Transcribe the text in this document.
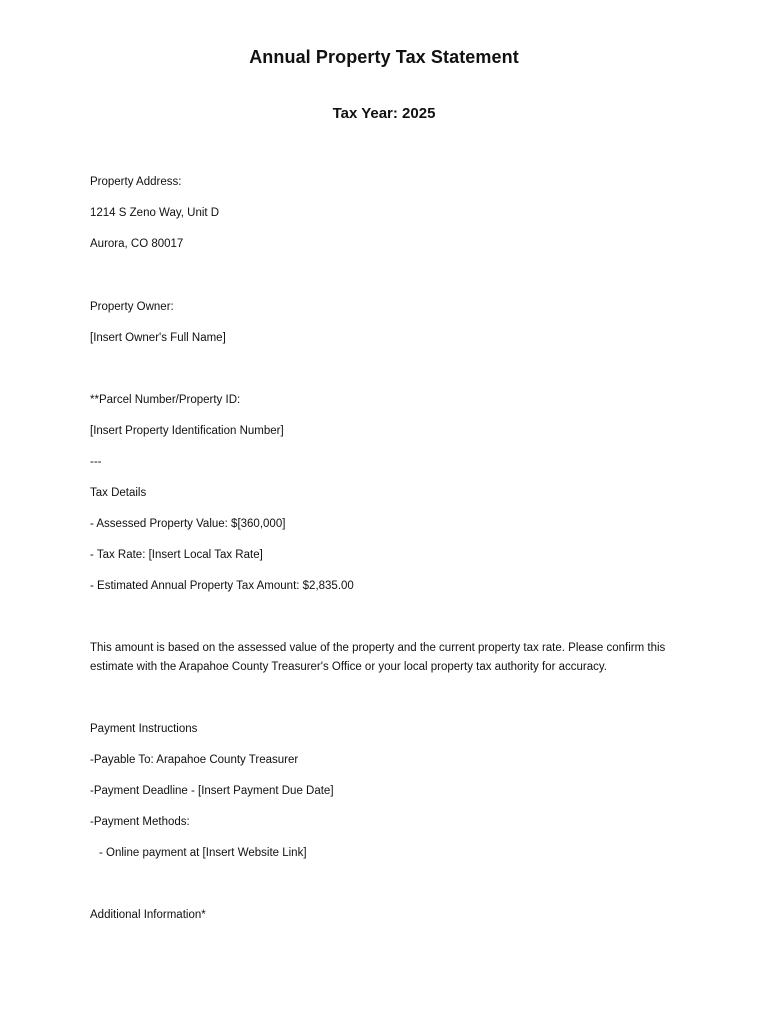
Annual Property Tax Statement
Tax Year: 2025

Property Address:

1214 S Zeno Way, Unit D

Aurora, CO 80017

Property Owner:

[Insert Owner's Full Name]

**Parcel Number/Property ID:

[Insert Property Identification Number]

---

Tax Details

- Assessed Property Value: $[360,000]

- Tax Rate: [Insert Local Tax Rate]

- Estimated Annual Property Tax Amount: $2,835.00

This amount is based on the assessed value of the property and the current property tax rate. Please confirm this estimate with the Arapahoe County Treasurer's Office or your local property tax authority for accuracy.

Payment Instructions

-Payable To: Arapahoe County Treasurer

-Payment Deadline - [Insert Payment Due Date]

-Payment Methods:

- Online payment at [Insert Website Link]

Additional Information*
